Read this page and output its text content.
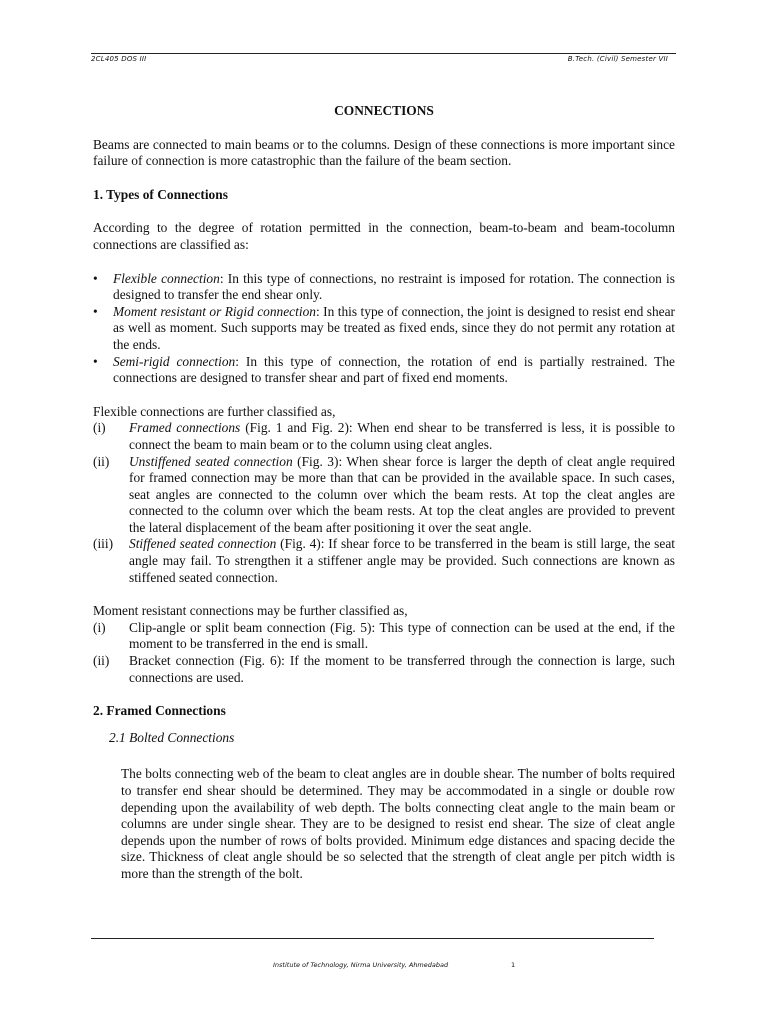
2CL405 DOS III	B.Tech. (Civil) Semester VII
CONNECTIONS

Beams are connected to main beams or to the columns. Design of these connections is more important since failure of connection is more catastrophic than the failure of the beam section.

1. Types of Connections

According to the degree of rotation permitted in the connection, beam-to-beam and beam-tocolumn connections are classified as:

• Flexible connection: In this type of connections, no restraint is imposed for rotation. The connection is designed to transfer the end shear only.
• Moment resistant or Rigid connection: In this type of connection, the joint is designed to resist end shear as well as moment. Such supports may be treated as fixed ends, since they do not permit any rotation at the ends.
• Semi-rigid connection: In this type of connection, the rotation of end is partially restrained. The connections are designed to transfer shear and part of fixed end moments.

Flexible connections are further classified as,

(i) Framed connections (Fig. 1 and Fig. 2): When end shear to be transferred is less, it is possible to connect the beam to main beam or to the column using cleat angles.
(ii) Unstiffened seated connection (Fig. 3): When shear force is larger the depth of cleat angle required for framed connection may be more than that can be provided in the available space. In such cases, seat angles are connected to the column over which the beam rests. At top the cleat angles are connected to the column over which the beam rests. At top the cleat angles are provided to prevent the lateral displacement of the beam after positioning it over the seat angle.
(iii) Stiffened seated connection (Fig. 4): If shear force to be transferred in the beam is still large, the seat angle may fail. To strengthen it a stiffener angle may be provided. Such connections are known as stiffened seated connection.

Moment resistant connections may be further classified as,

(i) Clip-angle or split beam connection (Fig. 5): This type of connection can be used at the end, if the moment to be transferred in the end is small.
(ii) Bracket connection (Fig. 6): If the moment to be transferred through the connection is large, such connections are used.
2. Framed Connections
2.1 Bolted Connections

The bolts connecting web of the beam to cleat angles are in double shear. The number of bolts required to transfer end shear should be determined. They may be accommodated in a single or double row depending upon the availability of web depth. The bolts connecting cleat angle to the main beam or columns are under single shear. They are to be designed to resist end shear. The size of cleat angle depends upon the number of rows of bolts provided. Minimum edge distances and spacing decide the size. Thickness of cleat angle should be so selected that the strength of cleat angle per pitch width is more than the strength of the bolt.

Institute of Technology, Nirma University, Ahmedabad	1
